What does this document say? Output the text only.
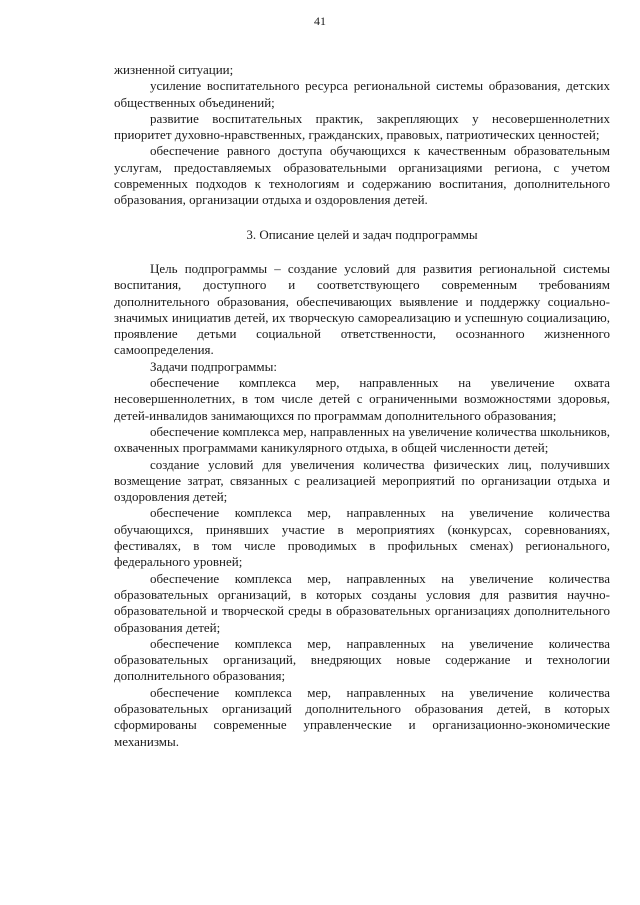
41

жизненной ситуации;

усиление воспитательного ресурса региональной системы образования, детских общественных объединений;

развитие воспитательных практик, закрепляющих у несовершеннолетних приоритет духовно-нравственных, гражданских, правовых, патриотических ценностей;

обеспечение равного доступа обучающихся к качественным образовательным услугам, предоставляемых образовательными организациями региона, с учетом современных подходов к технологиям и содержанию воспитания, дополнительного образования, организации отдыха и оздоровления детей.

3. Описание целей и задач подпрограммы

Цель подпрограммы – создание условий для развития региональной системы воспитания, доступного и соответствующего современным требованиям дополнительного образования, обеспечивающих выявление и поддержку социально-значимых инициатив детей, их творческую самореализацию и успешную социализацию, проявление детьми социальной ответственности, осознанного жизненного самоопределения.

Задачи подпрограммы:

обеспечение комплекса мер, направленных на увеличение охвата несовершеннолетних, в том числе детей с ограниченными возможностями здоровья, детей-инвалидов занимающихся по программам дополнительного образования;

обеспечение комплекса мер, направленных на увеличение количества школьников, охваченных программами каникулярного отдыха, в общей численности детей;

создание условий для увеличения количества физических лиц, получивших возмещение затрат, связанных с реализацией мероприятий по организации отдыха и оздоровления детей;

обеспечение комплекса мер, направленных на увеличение количества обучающихся, принявших участие в мероприятиях (конкурсах, соревнованиях, фестивалях, в том числе проводимых в профильных сменах) регионального, федерального уровней;

обеспечение комплекса мер, направленных на увеличение количества образовательных организаций, в которых созданы условия для развития научно-образовательной и творческой среды в образовательных организациях дополнительного образования детей;

обеспечение комплекса мер, направленных на увеличение количества образовательных организаций, внедряющих новые содержание и технологии дополнительного образования;

обеспечение комплекса мер, направленных на увеличение количества образовательных организаций дополнительного образования детей, в которых сформированы современные управленческие и организационно-экономические механизмы.
